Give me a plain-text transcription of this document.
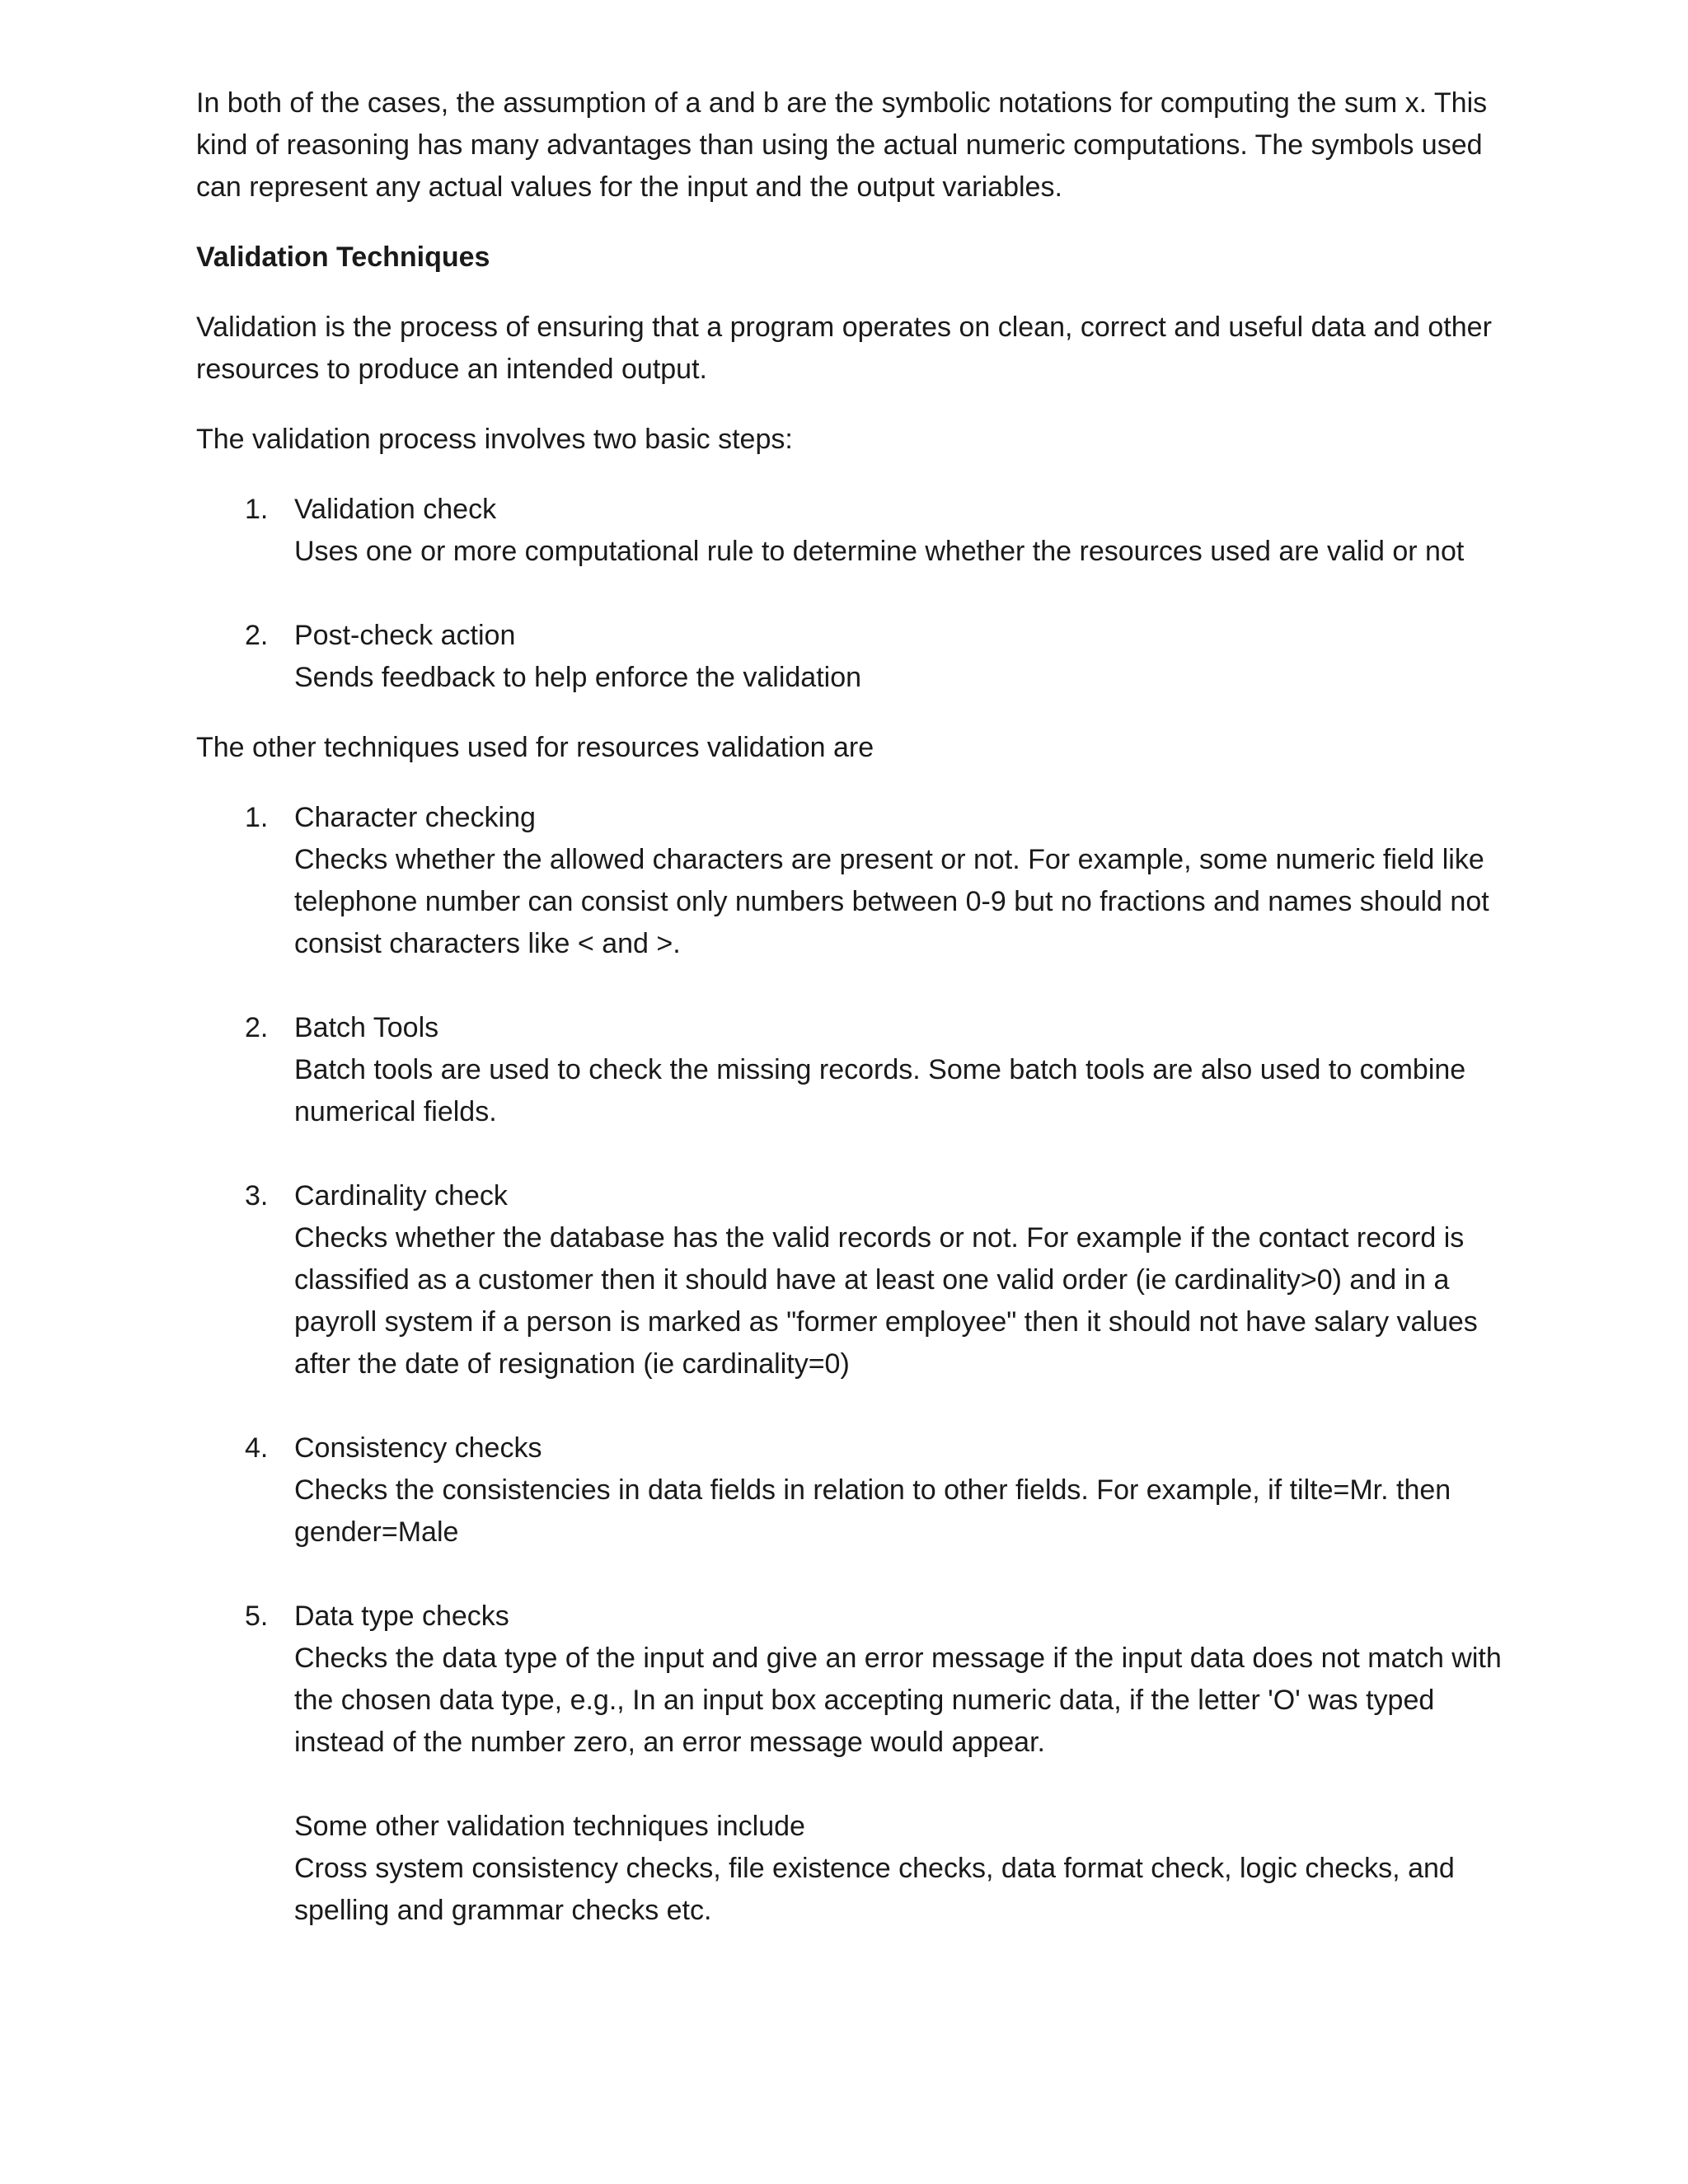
In both of the cases, the assumption of a and b are the symbolic notations for computing the sum x. This kind of reasoning has many advantages than using the actual numeric computations. The symbols used can represent any actual values for the input and the output variables.

Validation Techniques

Validation is the process of ensuring that a program operates on clean, correct and useful data and other resources to produce an intended output.

The validation process involves two basic steps:

1. Validation check
Uses one or more computational rule to determine whether the resources used are valid or not
2. Post-check action
Sends feedback to help enforce the validation

The other techniques used for resources validation are

1. Character checking
Checks whether the allowed characters are present or not. For example, some numeric field like telephone number can consist only numbers between 0-9 but no fractions and names should not consist characters like < and >.
2. Batch Tools
Batch tools are used to check the missing records. Some batch tools are also used to combine numerical fields.
3. Cardinality check
Checks whether the database has the valid records or not. For example if the contact record is classified as a customer then it should have at least one valid order (ie cardinality>0) and in a payroll system if a person is marked as "former employee" then it should not have salary values after the date of resignation (ie cardinality=0)
4. Consistency checks
Checks the consistencies in data fields in relation to other fields. For example, if tilte=Mr. then gender=Male
5. Data type checks
Checks the data type of the input and give an error message if the input data does not match with the chosen data type, e.g., In an input box accepting numeric data, if the letter 'O' was typed instead of the number zero, an error message would appear.
Some other validation techniques include
Cross system consistency checks, file existence checks, data format check, logic checks, and spelling and grammar checks etc.
